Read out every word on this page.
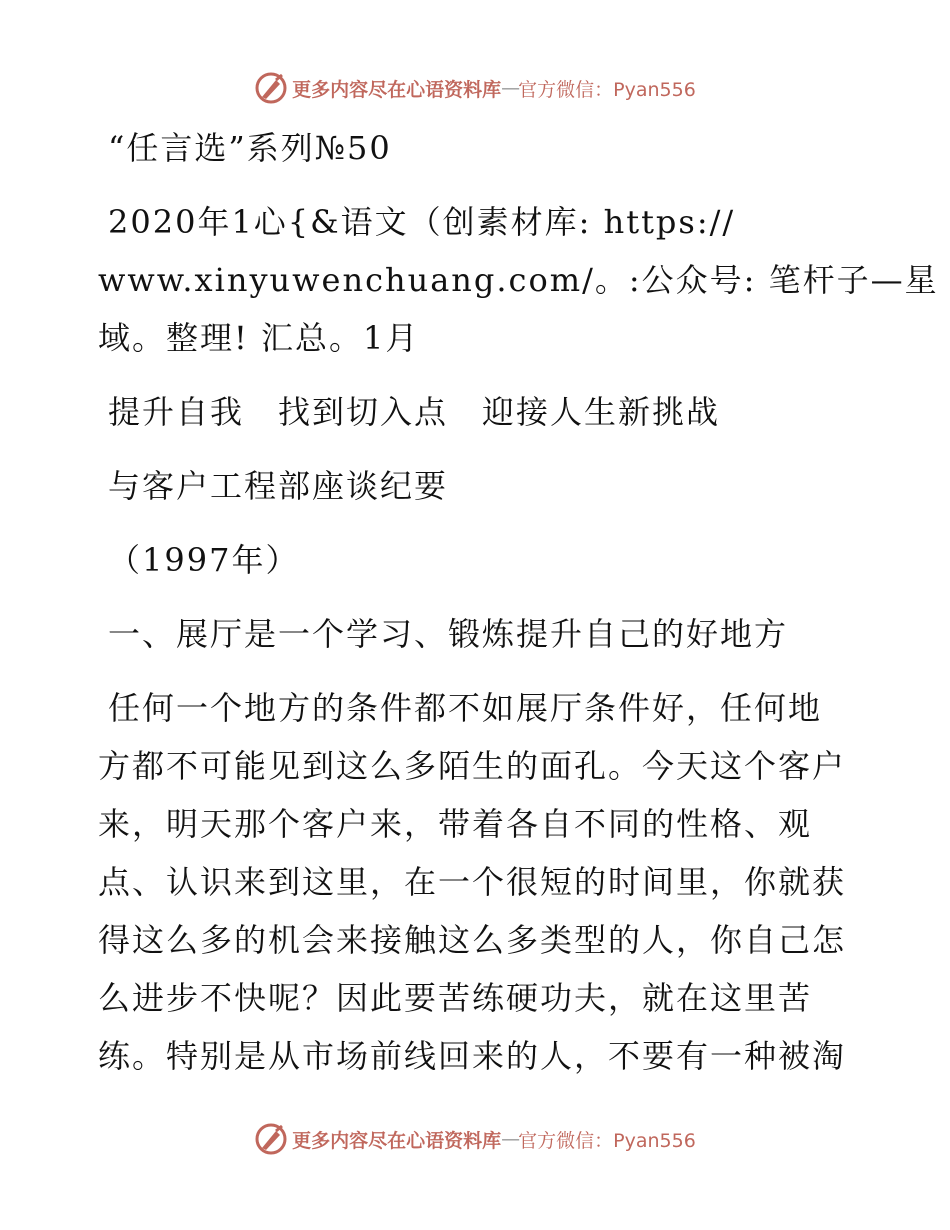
更多内容尽在心语资料库 — 官方微信：Pyan556
“任言选”系列№50
2020年1心{&语文（创素材库: https://
www.xinyuwenchuang.com/。:公众号: 笔杆子—星
域。整理! 汇总。1月
提升自我　找到切入点　迎接人生新挑战
与客户工程部座谈纪要
（1997年）
一、展厅是一个学习、锻炼提升自己的好地方
任何一个地方的条件都不如展厅条件好，任何地
方都不可能见到这么多陌生的面孔。今天这个客户
来，明天那个客户来，带着各自不同的性格、观
点、认识来到这里，在一个很短的时间里，你就获
得这么多的机会来接触这么多类型的人，你自己怎
么进步不快呢？因此要苦练硬功夫，就在这里苦
练。特别是从市场前线回来的人，不要有一种被淘
更多内容尽在心语资料库 — 官方微信：Pyan556
